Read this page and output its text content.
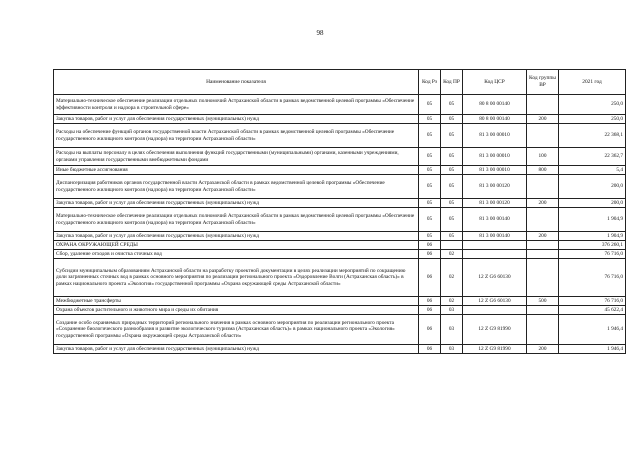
98
Наименование показателя	Код Рз	Код ПР	Код ЦСР	Код группы ВР	2021 год
Материально-техническое обеспечение реализации отдельных полномочий Астраханской области в рамках ведомственной целевой программы «Обеспечение эффективности контроля и надзора в строительной сфере»	05	05	80 8 00 00140		250,0
Закупка товаров, работ и услуг для обеспечения государственных (муниципальных) нужд	05	05	80 8 00 00140	200	250,0
Расходы на обеспечение функций органов государственной власти Астраханской области в рамках ведомственной целевой программы «Обеспечение государственного жилищного контроля (надзора) на территории Астраханской области»	05	05	81 3 00 00010		22 368,1
Расходы на выплаты персоналу в целях обеспечения выполнения функций государственными (муниципальными) органами, казенными учреждениями, органами управления государственными внебюджетными фондами	05	05	81 3 00 00010	100	22 362,7
Иные бюджетные ассигнования	05	05	81 3 00 00010	800	5,4
Диспансеризация работников органов государственной власти Астраханской области в рамках ведомственной целевой программы «Обеспечение государственного жилищного контроля (надзора) на территории Астраханской области»	05	05	81 3 00 00120		200,0
Закупка товаров, работ и услуг для обеспечения государственных (муниципальных) нужд	05	05	81 3 00 00120	200	200,0
Материально-техническое обеспечение реализации отдельных полномочий Астраханской области в рамках ведомственной целевой программы «Обеспечение государственного жилищного контроля (надзора) на территории Астраханской области»	05	05	81 3 00 00140		1 904,9
Закупка товаров, работ и услуг для обеспечения государственных (муниципальных) нужд	05	05	81 3 00 00140	200	1 904,9
ОХРАНА ОКРУЖАЮЩЕЙ СРЕДЫ	06				376 260,1
Сбор, удаление отходов и очистка сточных вод	06	02			76 716,0
Субсидии муниципальным образованиям Астраханской области на разработку проектной документации в целях реализации мероприятий по сокращению доли загрязненных сточных вод в рамках основного мероприятия по реализации регионального проекта «Оздоровление Волги (Астраханская область)» в рамках национального проекта «Экология» государственной программы «Охрана окружающей среды Астраханской области»	06	02	12 Z G6 60130		76 716,0
Межбюджетные трансферты	06	02	12 Z G6 60130	500	76 716,0
Охрана объектов растительного и животного мира и среды их обитания	06	03			45 622,4
Создание особо охраняемых природных территорий регионального значения в рамках основного мероприятия по реализации регионального проекта «Сохранение биологического разнообразия и развитие экологического туризма (Астраханская область)» в рамках национального проекта «Экология» государственной программы «Охрана окружающей среды Астраханской области»	06	03	12 Z G9 81990		1 946,4
Закупка товаров, работ и услуг для обеспечения государственных (муниципальных) нужд	06	03	12 Z G9 81990	200	1 946,4
